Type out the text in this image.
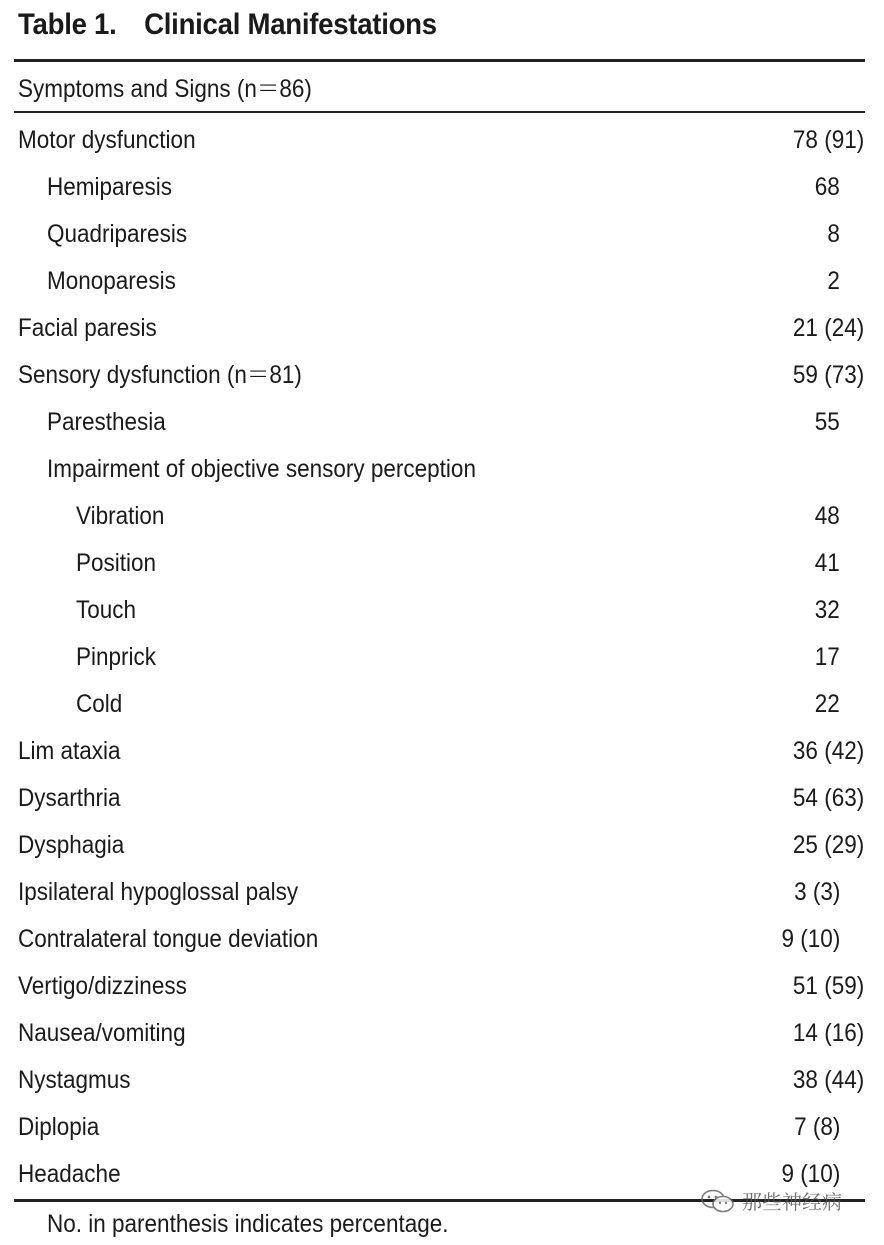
Table 1. Clinical Manifestations
Symptoms and Signs (n＝86)
Motor dysfunction	78 (91)
Hemiparesis	68
Quadriparesis	8
Monoparesis	2
Facial paresis	21 (24)
Sensory dysfunction (n＝81)	59 (73)
Paresthesia	55
Impairment of objective sensory perception
Vibration	48
Position	41
Touch	32
Pinprick	17
Cold	22
Lim ataxia	36 (42)
Dysarthria	54 (63)
Dysphagia	25 (29)
Ipsilateral hypoglossal palsy	3 (3)
Contralateral tongue deviation	9 (10)
Vertigo/dizziness	51 (59)
Nausea/vomiting	14 (16)
Nystagmus	38 (44)
Diplopia	7 (8)
Headache	9 (10)
No. in parenthesis indicates percentage.
那些神经病
